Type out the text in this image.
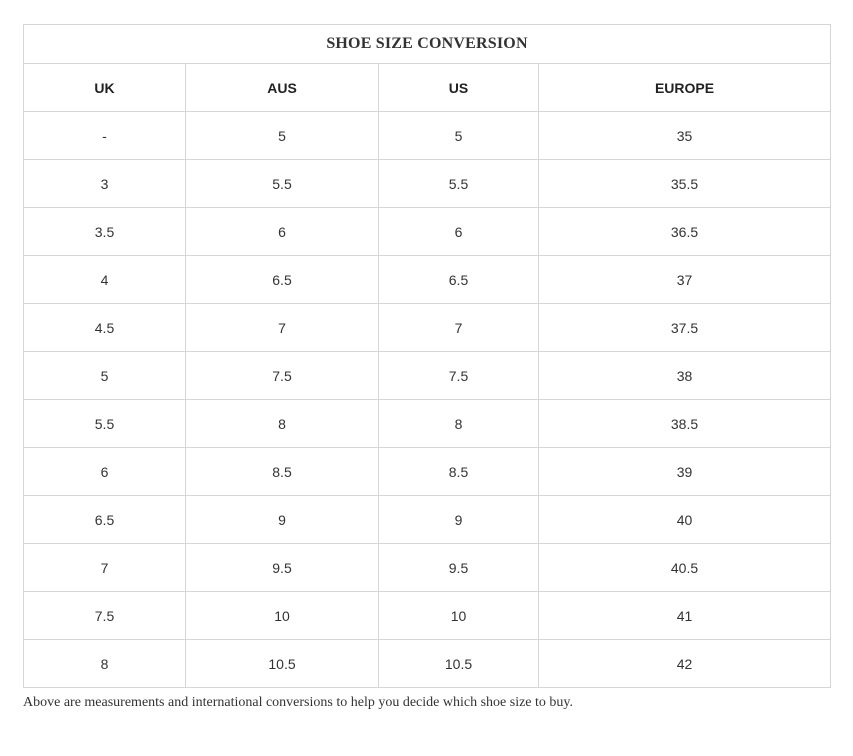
SHOE SIZE CONVERSION			
UK	AUS	US	EUROPE
-	5	5	35
3	5.5	5.5	35.5
3.5	6	6	36.5
4	6.5	6.5	37
4.5	7	7	37.5
5	7.5	7.5	38
5.5	8	8	38.5
6	8.5	8.5	39
6.5	9	9	40
7	9.5	9.5	40.5
7.5	10	10	41
8	10.5	10.5	42

Above are measurements and international conversions to help you decide which shoe size to buy.
